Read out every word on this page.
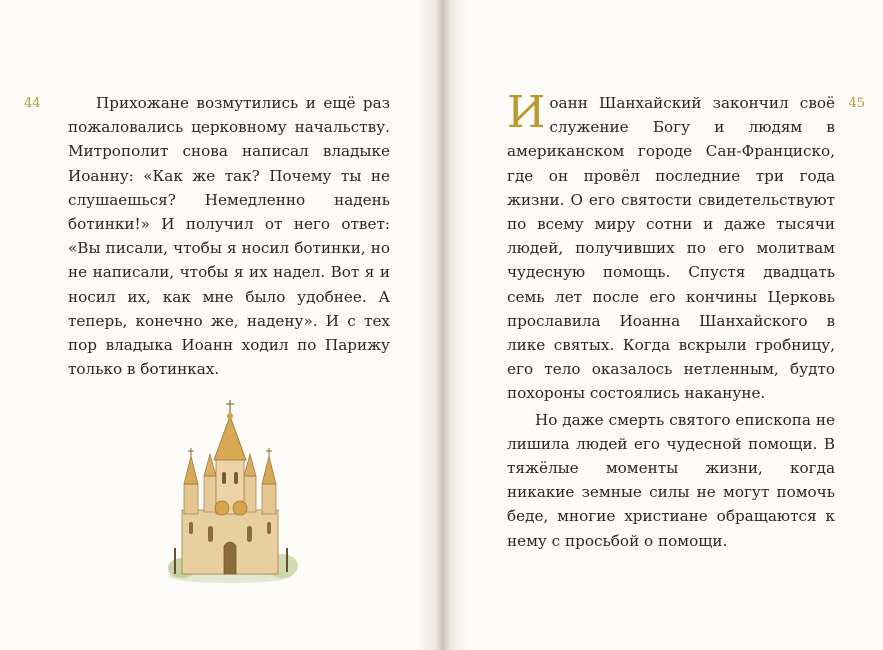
44	Прихожане возмутились и ещё раз пожаловались церковному начальству. Митрополит снова написал владыке Иоанну: «Как же так? Почему ты не слушаешься? Немедленно надень ботинки!» И получил от него ответ: «Вы писали, чтобы я носил ботинки, но не написали, чтобы я их надел. Вот я и носил их, как мне было удобнее. А теперь, конечно же, надену». И с тех пор владыка Иоанн ходил по Парижу только в ботинках.

45

Иоанн Шанхайский закончил своё служение Богу и людям в американском городе Сан-Франциско, где он провёл последние три года жизни. О его святости свидетельствуют по всему миру сотни и даже тысячи людей, получивших по его молитвам чудесную помощь. Спустя двадцать семь лет после его кончины Церковь прославила Иоанна Шанхайского в лике святых. Когда вскрыли гробницу, его тело оказалось нетленным, будто похороны состоялись накануне.

Но даже смерть святого епископа не лишила людей его чудесной помощи. В тяжёлые моменты жизни, когда никакие земные силы не могут помочь беде, многие христиане обращаются к нему с просьбой о помощи.
